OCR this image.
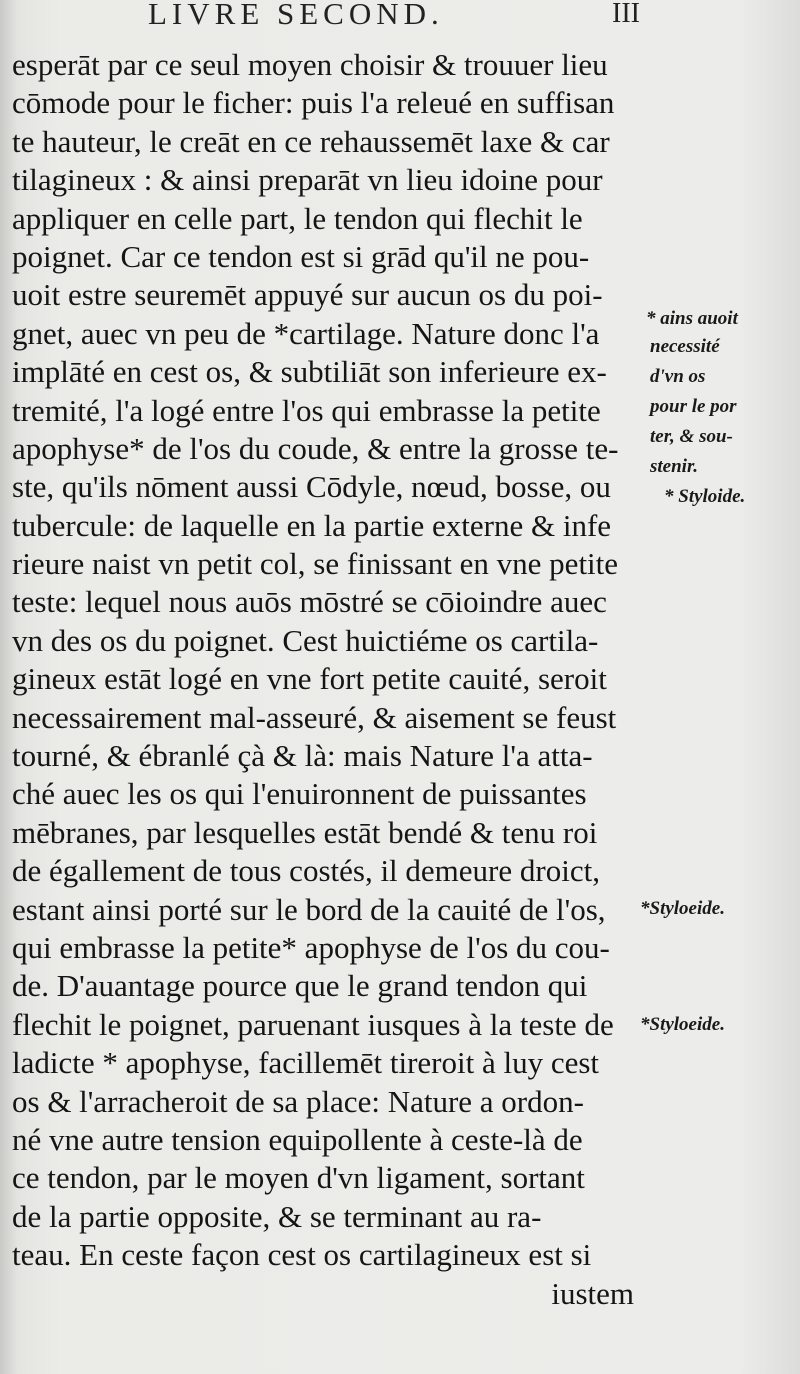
LIVRE SECOND.	III
esperāt par ce seul moyen choisir & trouuer lieu
cōmode pour le ficher: puis l'a releué en suffisan
te hauteur, le creāt en ce rehaussemēt laxe & car
tilagineux : & ainsi preparāt vn lieu idoine pour
appliquer en celle part, le tendon qui flechit le
poignet. Car ce tendon est si grād qu'il ne pou-
uoit estre seuremēt appuyé sur aucun os du poi-
gnet, auec vn peu de *cartilage. Nature donc l'a
implāté en cest os, & subtiliāt son inferieure ex-
tremité, l'a logé entre l'os qui embrasse la petite
apophyse* de l'os du coude, & entre la grosse te-
ste, qu'ils nōment aussi Cōdyle, nœud, bosse, ou
tubercule: de laquelle en la partie externe & infe
rieure naist vn petit col, se finissant en vne petite
teste: lequel nous auōs mōstré se cōioindre auec
vn des os du poignet. Cest huictiéme os cartila-
gineux estāt logé en vne fort petite cauité, seroit
necessairement mal-asseuré, & aisement se feust
tourné, & ébranlé çà & là: mais Nature l'a atta-
ché auec les os qui l'enuironnent de puissantes
mēbranes, par lesquelles estāt bendé & tenu roi
de égallement de tous costés, il demeure droict,
estant ainsi porté sur le bord de la cauité de l'os,
qui embrasse la petite* apophyse de l'os du cou-
de. D'auantage pource que le grand tendon qui
flechit le poignet, paruenant iusques à la teste de
ladicte * apophyse, facillemēt tireroit à luy cest
os & l'arracheroit de sa place: Nature a ordon-
né vne autre tension equipollente à ceste-là de
ce tendon, par le moyen d'vn ligament, sortant
de la partie opposite, & se terminant au ra-
teau. En ceste façon cest os cartilagineux est si
iustem
* ains auoit
necessité
d'vn os
pour le por
ter, & sou-
stenir.
* Styloide.
*Styloeide.
*Styloeide.
